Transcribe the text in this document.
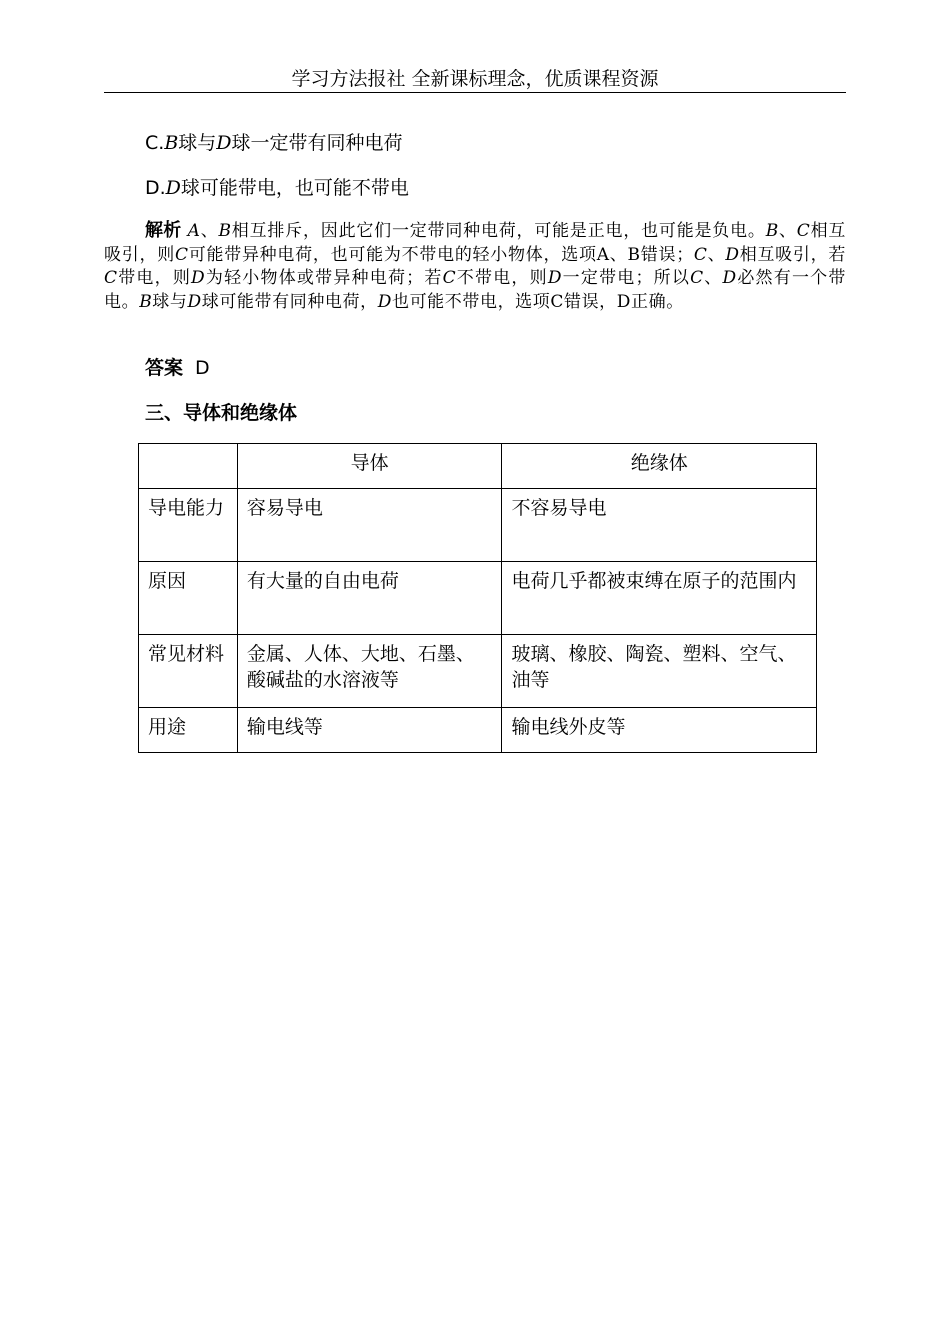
学习方法报社 全新课标理念，优质课程资源
C.B球与D球一定带有同种电荷
D.D球可能带电，也可能不带电
解析 A、B相互排斥，因此它们一定带同种电荷，可能是正电，也可能是负电。B、C相互吸引，则C可能带异种电荷，也可能为不带电的轻小物体，选项A、B错误；C、D相互吸引，若C带电，则D为轻小物体或带异种电荷；若C不带电，则D一定带电；所以C、D必然有一个带电。B球与D球可能带有同种电荷，D也可能不带电，选项C错误，D正确。
答案 D
三、导体和绝缘体
	导体	绝缘体
导电能力	容易导电	不容易导电
原因	有大量的自由电荷	电荷几乎都被束缚在原子的范围内
常见材料	金属、人体、大地、石墨、酸碱盐的水溶液等	玻璃、橡胶、陶瓷、塑料、空气、油等
用途	输电线等	输电线外皮等
